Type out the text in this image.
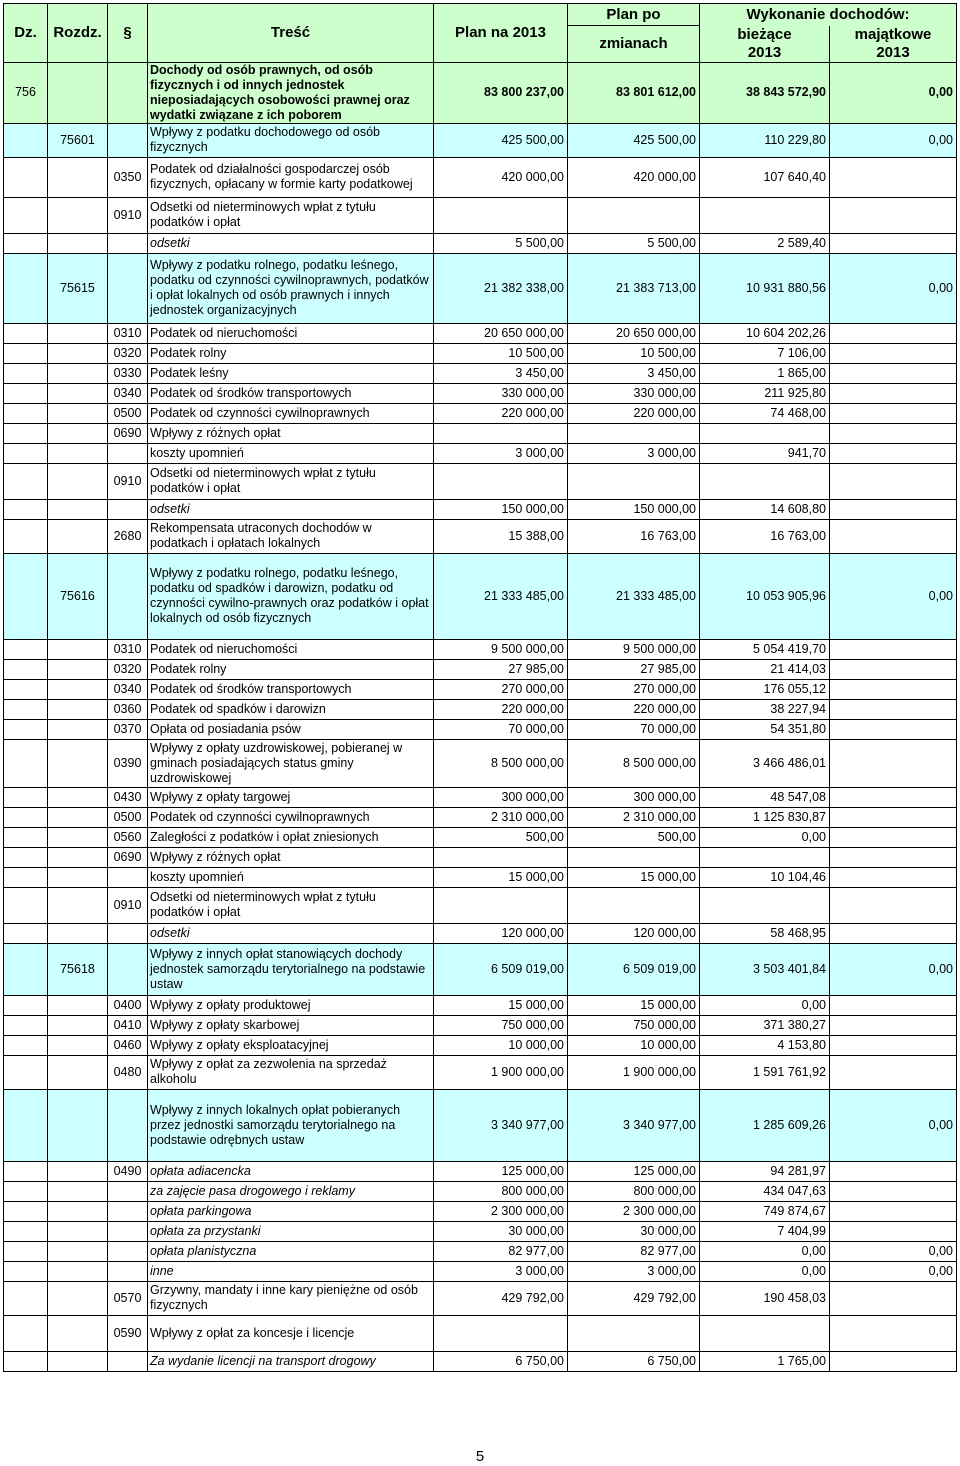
Dz.	Rozdz.	§	Treść	Plan na 2013	Plan po	Wykonanie dochodów:	
					zmianach	bieżące	majątkowe
						2013	2013
756			Dochody od osób prawnych, od osób fizycznych i od innych jednostek nieposiadających osobowości prawnej oraz wydatki związane z ich poborem	83 800 237,00	83 801 612,00	38 843 572,90	0,00
	75601		Wpływy z podatku dochodowego od osób fizycznych	425 500,00	425 500,00	110 229,80	0,00
		0350	Podatek od działalności gospodarczej osób fizycznych, opłacany w formie karty podatkowej	420 000,00	420 000,00	107 640,40	
		0910	Odsetki od nieterminowych wpłat z tytułu podatków i opłat				
			odsetki	5 500,00	5 500,00	2 589,40	
	75615		Wpływy z podatku rolnego, podatku leśnego, podatku od czynności cywilnoprawnych, podatków i opłat lokalnych od osób prawnych i innych jednostek organizacyjnych	21 382 338,00	21 383 713,00	10 931 880,56	0,00
		0310	Podatek od nieruchomości	20 650 000,00	20 650 000,00	10 604 202,26	
		0320	Podatek rolny	10 500,00	10 500,00	7 106,00	
		0330	Podatek leśny	3 450,00	3 450,00	1 865,00	
		0340	Podatek od środków transportowych	330 000,00	330 000,00	211 925,80	
		0500	Podatek od czynności cywilnoprawnych	220 000,00	220 000,00	74 468,00	
		0690	Wpływy z różnych opłat				
			koszty upomnień	3 000,00	3 000,00	941,70	
		0910	Odsetki od nieterminowych wpłat z tytułu podatków i opłat				
			odsetki	150 000,00	150 000,00	14 608,80	
		2680	Rekompensata utraconych dochodów w podatkach i opłatach lokalnych	15 388,00	16 763,00	16 763,00	
	75616		Wpływy z podatku rolnego, podatku leśnego, podatku od spadków i darowizn, podatku od czynności cywilno-prawnych oraz podatków i opłat lokalnych od osób fizycznych	21 333 485,00	21 333 485,00	10 053 905,96	0,00
		0310	Podatek od nieruchomości	9 500 000,00	9 500 000,00	5 054 419,70	
		0320	Podatek rolny	27 985,00	27 985,00	21 414,03	
		0340	Podatek od środków transportowych	270 000,00	270 000,00	176 055,12	
		0360	Podatek od spadków i darowizn	220 000,00	220 000,00	38 227,94	
		0370	Opłata od posiadania psów	70 000,00	70 000,00	54 351,80	
		0390	Wpływy z opłaty uzdrowiskowej, pobieranej w gminach posiadających status gminy uzdrowiskowej	8 500 000,00	8 500 000,00	3 466 486,01	
		0430	Wpływy z opłaty targowej	300 000,00	300 000,00	48 547,08	
		0500	Podatek od czynności cywilnoprawnych	2 310 000,00	2 310 000,00	1 125 830,87	
		0560	Zaległości z podatków i opłat zniesionych	500,00	500,00	0,00	
		0690	Wpływy z różnych opłat				
			koszty upomnień	15 000,00	15 000,00	10 104,46	
		0910	Odsetki od nieterminowych wpłat z tytułu podatków i opłat				
			odsetki	120 000,00	120 000,00	58 468,95	
	75618		Wpływy z innych opłat stanowiących dochody jednostek samorządu terytorialnego na podstawie ustaw	6 509 019,00	6 509 019,00	3 503 401,84	0,00
		0400	Wpływy z opłaty produktowej	15 000,00	15 000,00	0,00	
		0410	Wpływy z opłaty skarbowej	750 000,00	750 000,00	371 380,27	
		0460	Wpływy z opłaty eksploatacyjnej	10 000,00	10 000,00	4 153,80	
		0480	Wpływy z opłat za zezwolenia na sprzedaż alkoholu	1 900 000,00	1 900 000,00	1 591 761,92	
			Wpływy z innych lokalnych opłat pobieranych przez jednostki samorządu terytorialnego na podstawie odrębnych ustaw	3 340 977,00	3 340 977,00	1 285 609,26	0,00
		0490	opłata adiacencka	125 000,00	125 000,00	94 281,97	
			za zajęcie pasa drogowego i reklamy	800 000,00	800 000,00	434 047,63	
			opłata parkingowa	2 300 000,00	2 300 000,00	749 874,67	
			opłata za przystanki	30 000,00	30 000,00	7 404,99	
			opłata planistyczna	82 977,00	82 977,00	0,00	0,00
			inne	3 000,00	3 000,00	0,00	0,00
		0570	Grzywny, mandaty i inne kary pieniężne od osób fizycznych	429 792,00	429 792,00	190 458,03	
		0590	Wpływy z opłat za koncesje i licencje				
			Za wydanie licencji na transport drogowy	6 750,00	6 750,00	1 765,00	
5
